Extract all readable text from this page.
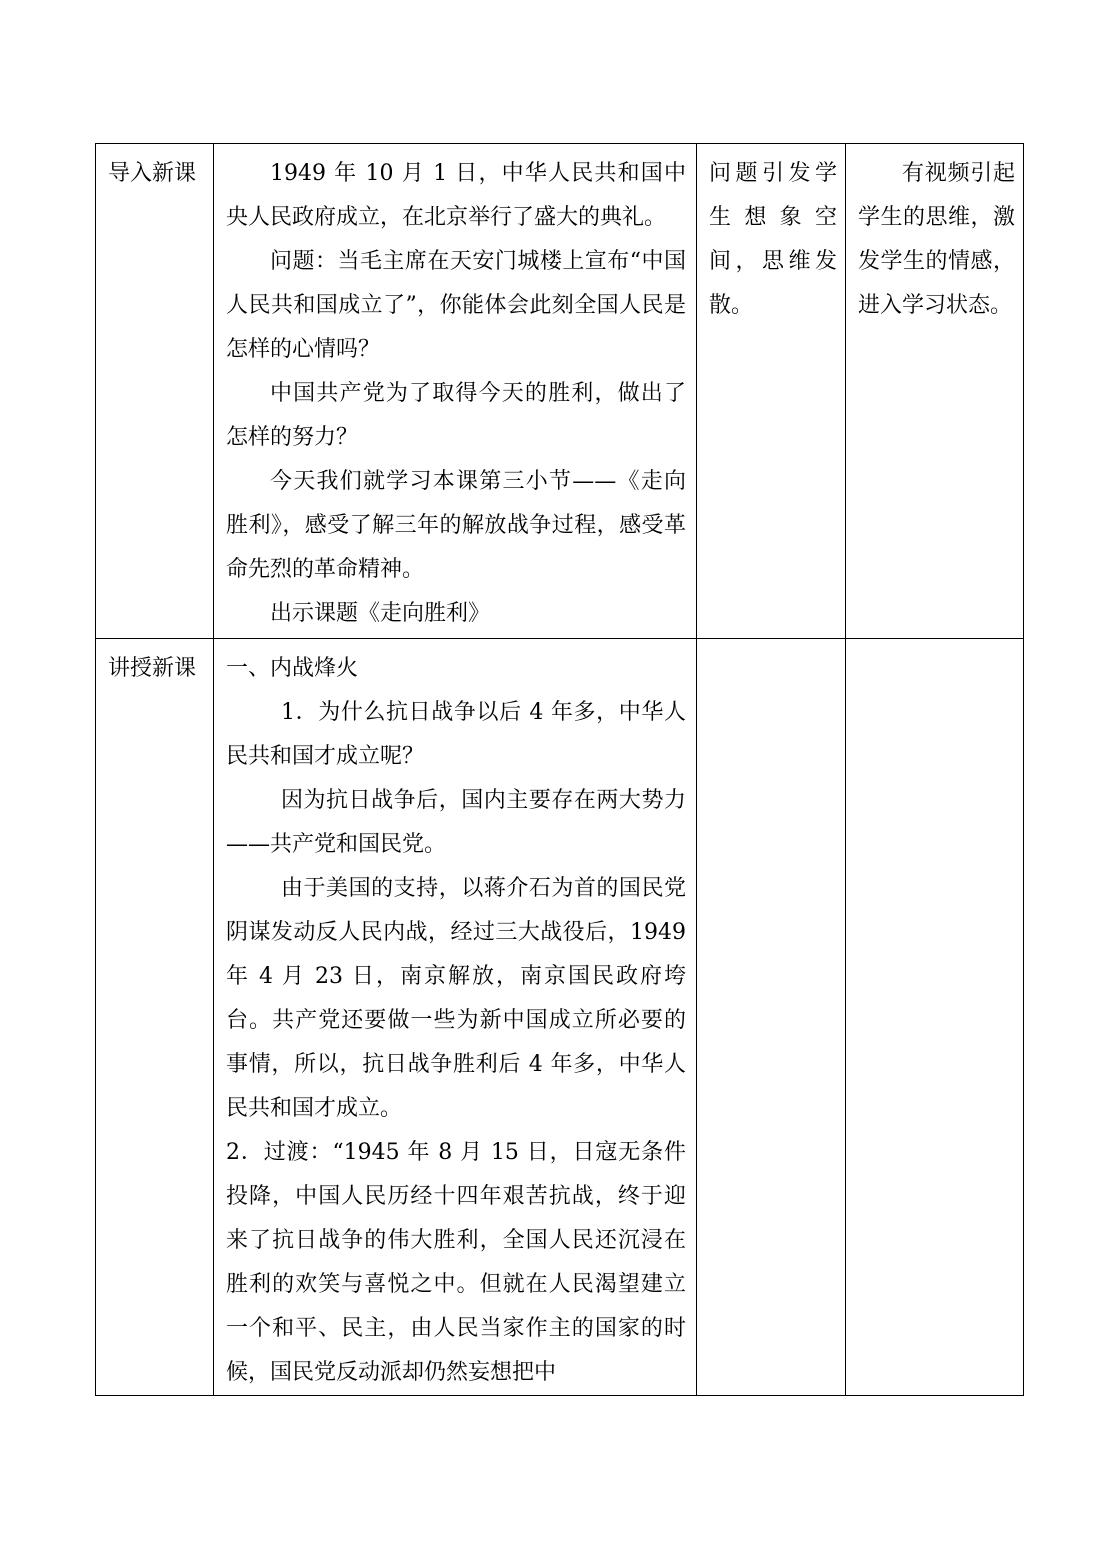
导入新课	1949 年 10 月 1 日，中华人民共和国中央人民政府成立，在北京举行了盛大的典礼。

问题：当毛主席在天安门城楼上宣布“中国人民共和国成立了”，你能体会此刻全国人民是怎样的心情吗？

中国共产党为了取得今天的胜利，做出了怎样的努力？

今天我们就学习本课第三小节——《走向胜利》，感受了解三年的解放战争过程，感受革命先烈的革命精神。

出示课题《走向胜利》	问题引发学生想象空间，思维发散。	有视频引起学生的思维，激发学生的情感，进入学习状态。
讲授新课	一、内战烽火

1．为什么抗日战争以后 4 年多，中华人民共和国才成立呢？

因为抗日战争后，国内主要存在两大势力——共产党和国民党。

由于美国的支持，以蒋介石为首的国民党阴谋发动反人民内战，经过三大战役后，1949 年 4 月 23 日，南京解放，南京国民政府垮台。共产党还要做一些为新中国成立所必要的事情，所以，抗日战争胜利后 4 年多，中华人民共和国才成立。

2．过渡：“1945 年 8 月 15 日，日寇无条件投降，中国人民历经十四年艰苦抗战，终于迎来了抗日战争的伟大胜利，全国人民还沉浸在胜利的欢笑与喜悦之中。但就在人民渴望建立一个和平、民主，由人民当家作主的国家的时候，国民党反动派却仍然妄想把中		
